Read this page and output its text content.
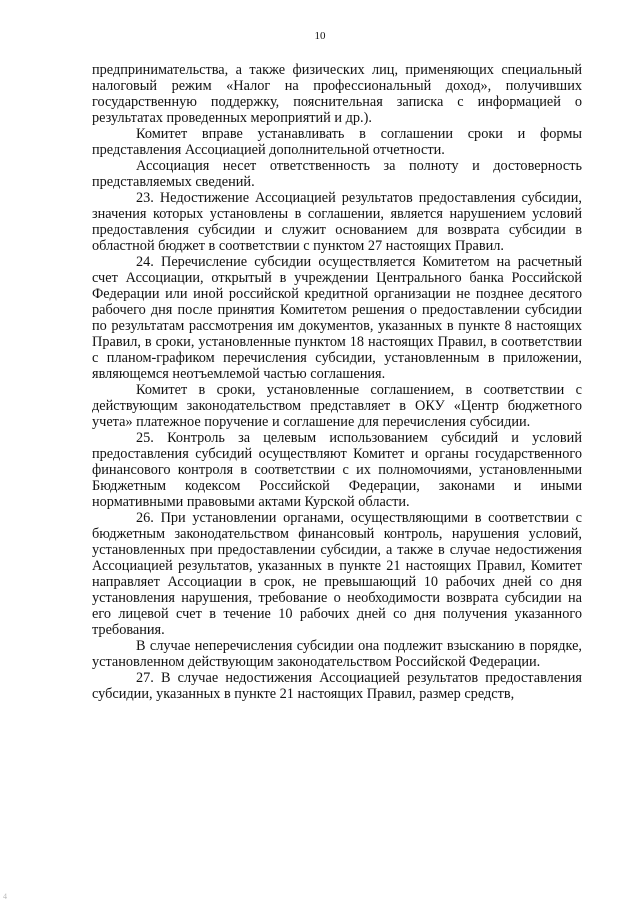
10

предпринимательства, а также физических лиц, применяющих специальный налоговый режим «Налог на профессиональный доход», получивших государственную поддержку, пояснительная записка с информацией о результатах проведенных мероприятий и др.).

Комитет вправе устанавливать в соглашении сроки и формы представления Ассоциацией дополнительной отчетности.

Ассоциация несет ответственность за полноту и достоверность представляемых сведений.

23. Недостижение Ассоциацией результатов предоставления субсидии, значения которых установлены в соглашении, является нарушением условий предоставления субсидии и служит основанием для возврата субсидии в областной бюджет в соответствии с пунктом 27 настоящих Правил.

24. Перечисление субсидии осуществляется Комитетом на расчетный счет Ассоциации, открытый в учреждении Центрального банка Российской Федерации или иной российской кредитной организации не позднее десятого рабочего дня после принятия Комитетом решения о предоставлении субсидии по результатам рассмотрения им документов, указанных в пункте 8 настоящих Правил, в сроки, установленные пунктом 18 настоящих Правил, в соответствии с планом-графиком перечисления субсидии, установленным в приложении, являющемся неотъемлемой частью соглашения.

Комитет в сроки, установленные соглашением, в соответствии с действующим законодательством представляет в ОКУ «Центр бюджетного учета» платежное поручение и соглашение для перечисления субсидии.

25. Контроль за целевым использованием субсидий и условий предоставления субсидий осуществляют Комитет и органы государственного финансового контроля в соответствии с их полномочиями, установленными Бюджетным кодексом Российской Федерации, законами и иными нормативными правовыми актами Курской области.

26. При установлении органами, осуществляющими в соответствии с бюджетным законодательством финансовый контроль, нарушения условий, установленных при предоставлении субсидии, а также в случае недостижения Ассоциацией результатов, указанных в пункте 21 настоящих Правил, Комитет направляет Ассоциации в срок, не превышающий 10 рабочих дней со дня установления нарушения, требование о необходимости возврата субсидии на его лицевой счет в течение 10 рабочих дней со дня получения указанного требования.

В случае неперечисления субсидии она подлежит взысканию в порядке, установленном действующим законодательством Российской Федерации.

27. В случае недостижения Ассоциацией результатов предоставления субсидии, указанных в пункте 21 настоящих Правил, размер средств,

4
